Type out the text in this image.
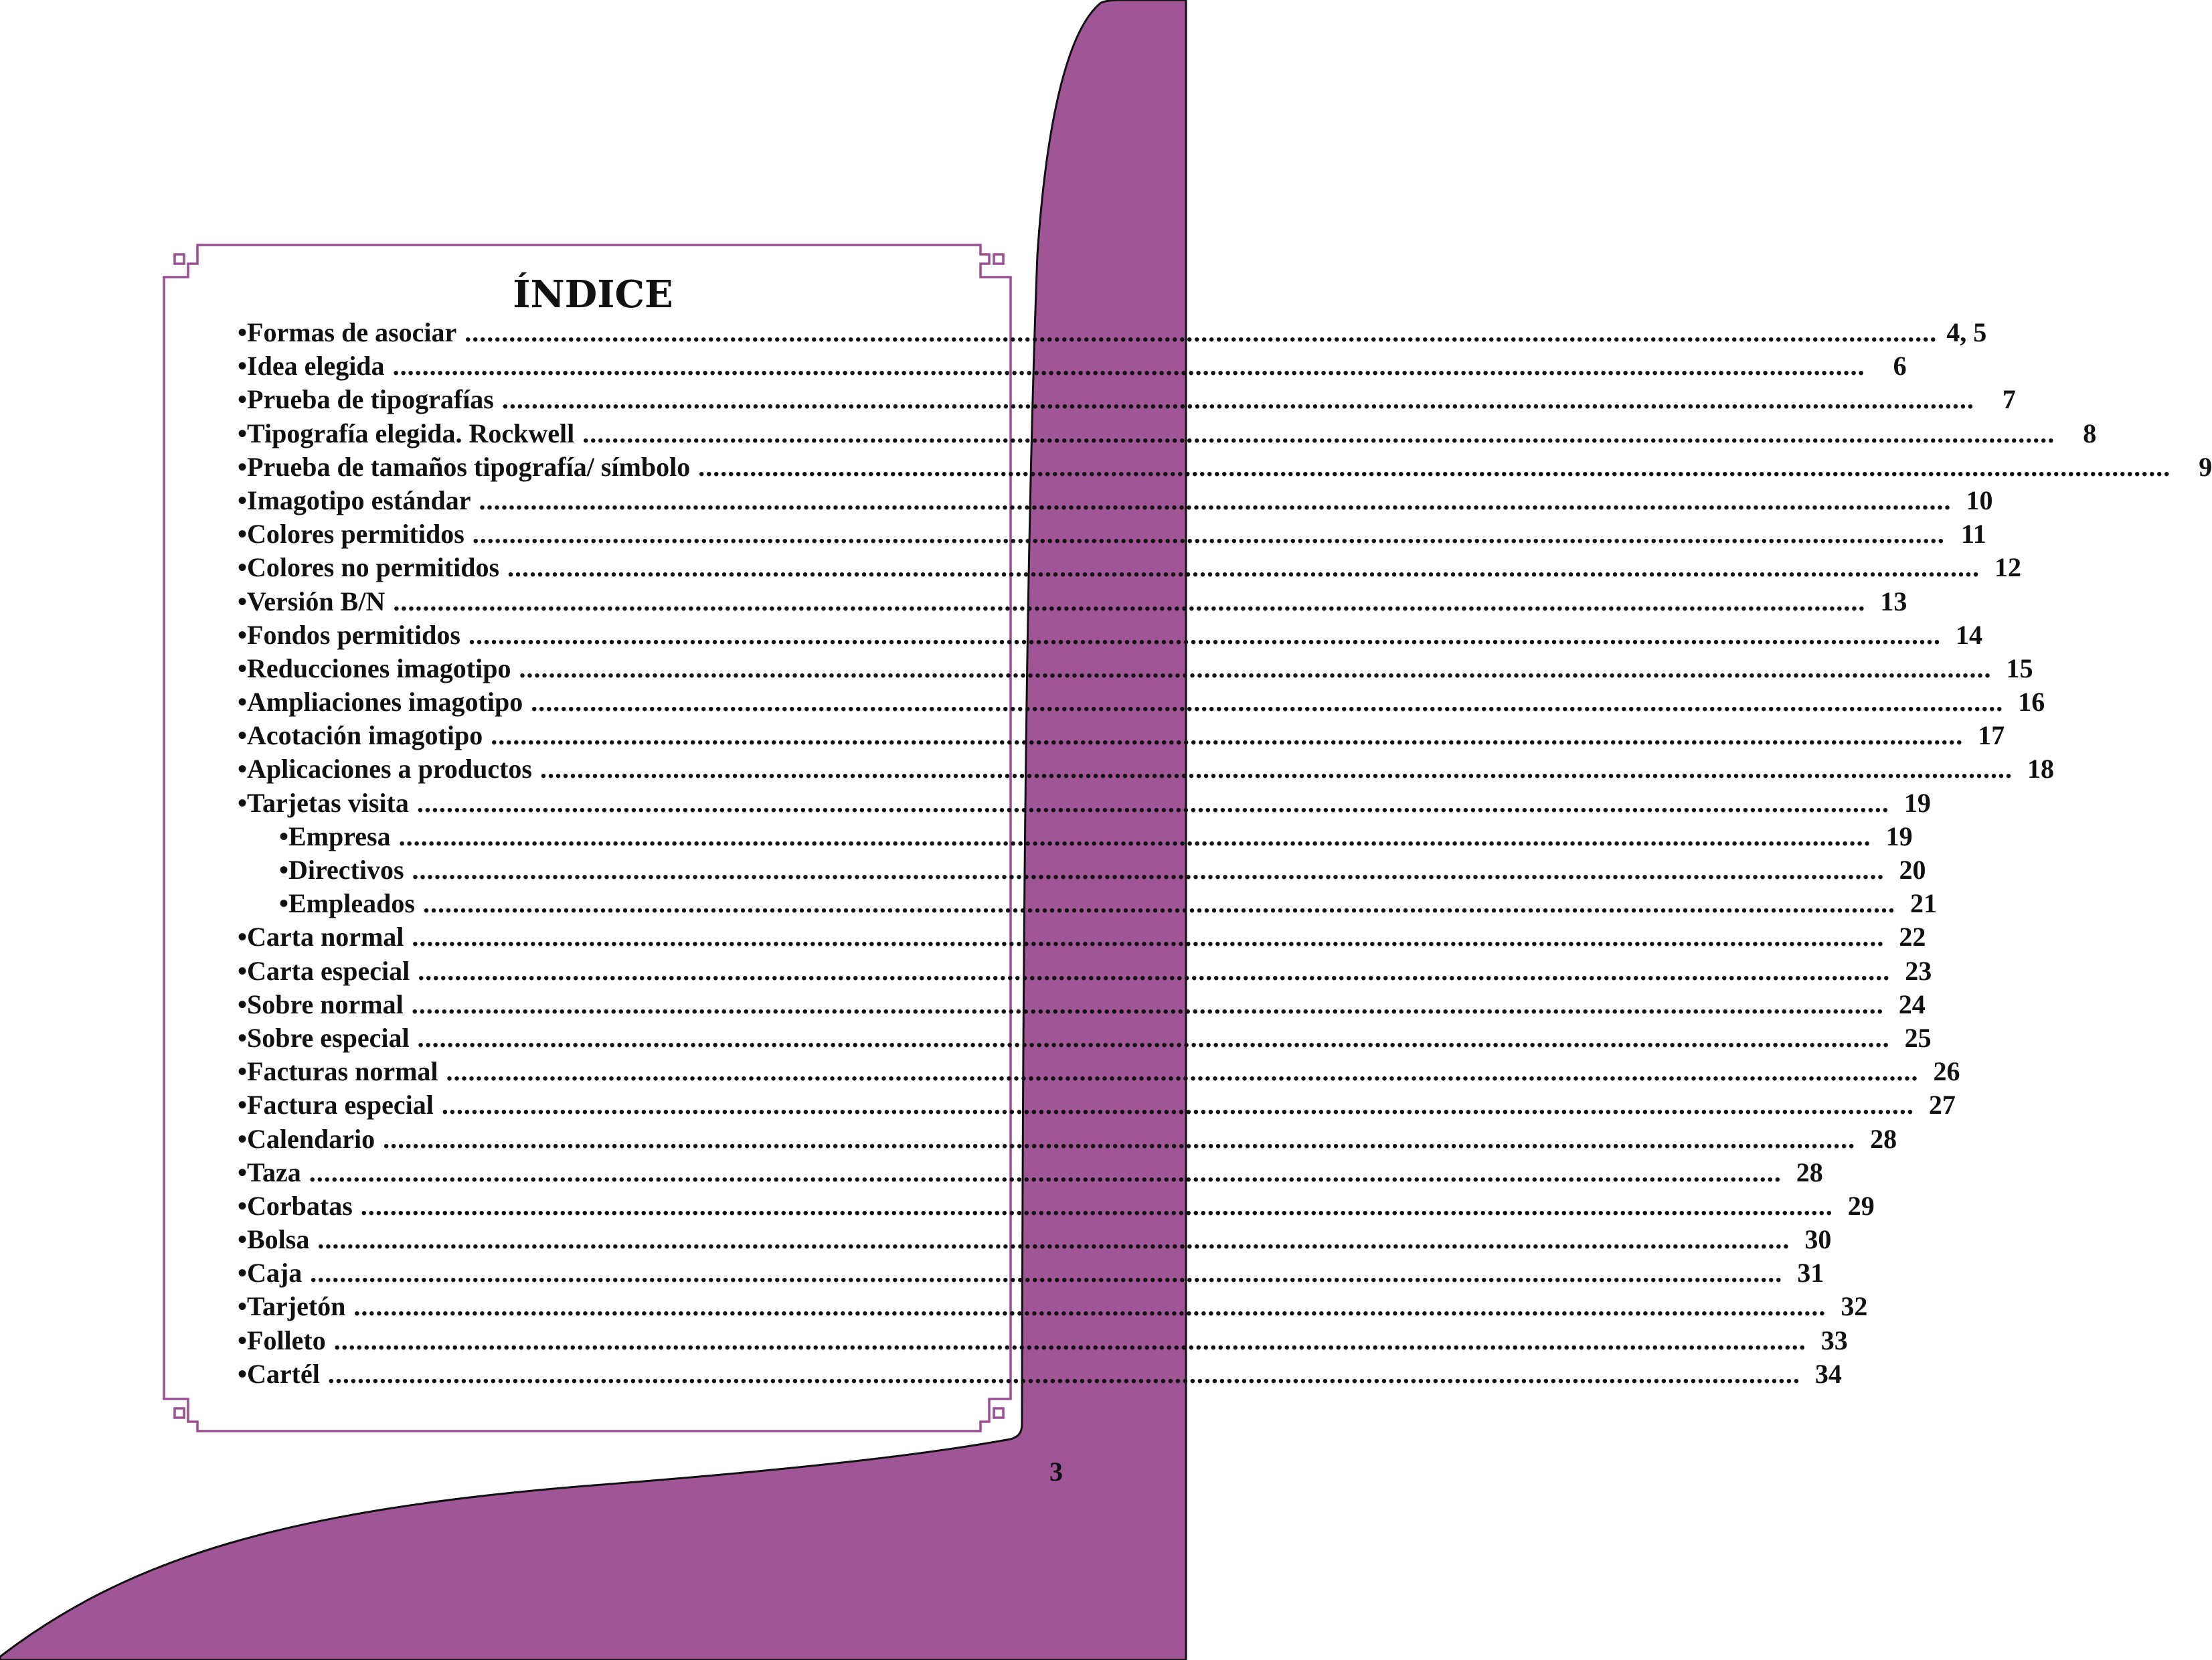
ÍNDICE
•Formas de asociar ........................................................................................................................................................................................................ 4, 5
•Idea elegida ........................................................................................................................................................................................................	6
•Prueba de tipografías ........................................................................................................................................................................................................	7
•Tipografía elegida. Rockwell ........................................................................................................................................................................................................	8
•Prueba de tamaños tipografía/ símbolo ........................................................................................................................................................................................................	9
•Imagotipo estándar ........................................................................................................................................................................................................ 10
•Colores permitidos ........................................................................................................................................................................................................ 11
•Colores no permitidos ........................................................................................................................................................................................................ 12
•Versión B/N ........................................................................................................................................................................................................ 13
•Fondos permitidos ........................................................................................................................................................................................................ 14
•Reducciones imagotipo ........................................................................................................................................................................................................ 15
•Ampliaciones imagotipo ........................................................................................................................................................................................................ 16
•Acotación imagotipo ........................................................................................................................................................................................................ 17
•Aplicaciones a productos ........................................................................................................................................................................................................ 18
•Tarjetas visita ........................................................................................................................................................................................................ 19
•Empresa ........................................................................................................................................................................................................ 19
•Directivos ........................................................................................................................................................................................................ 20
•Empleados ........................................................................................................................................................................................................ 21
•Carta normal ........................................................................................................................................................................................................ 22
•Carta especial ........................................................................................................................................................................................................ 23
•Sobre normal ........................................................................................................................................................................................................ 24
•Sobre especial ........................................................................................................................................................................................................ 25
•Facturas normal ........................................................................................................................................................................................................ 26
•Factura especial ........................................................................................................................................................................................................ 27
•Calendario ........................................................................................................................................................................................................ 28
•Taza ........................................................................................................................................................................................................ 28
•Corbatas ........................................................................................................................................................................................................ 29
•Bolsa ........................................................................................................................................................................................................ 30
•Caja ........................................................................................................................................................................................................ 31
•Tarjetón ........................................................................................................................................................................................................ 32
•Folleto ........................................................................................................................................................................................................ 33
•Cartél ........................................................................................................................................................................................................ 34
3
